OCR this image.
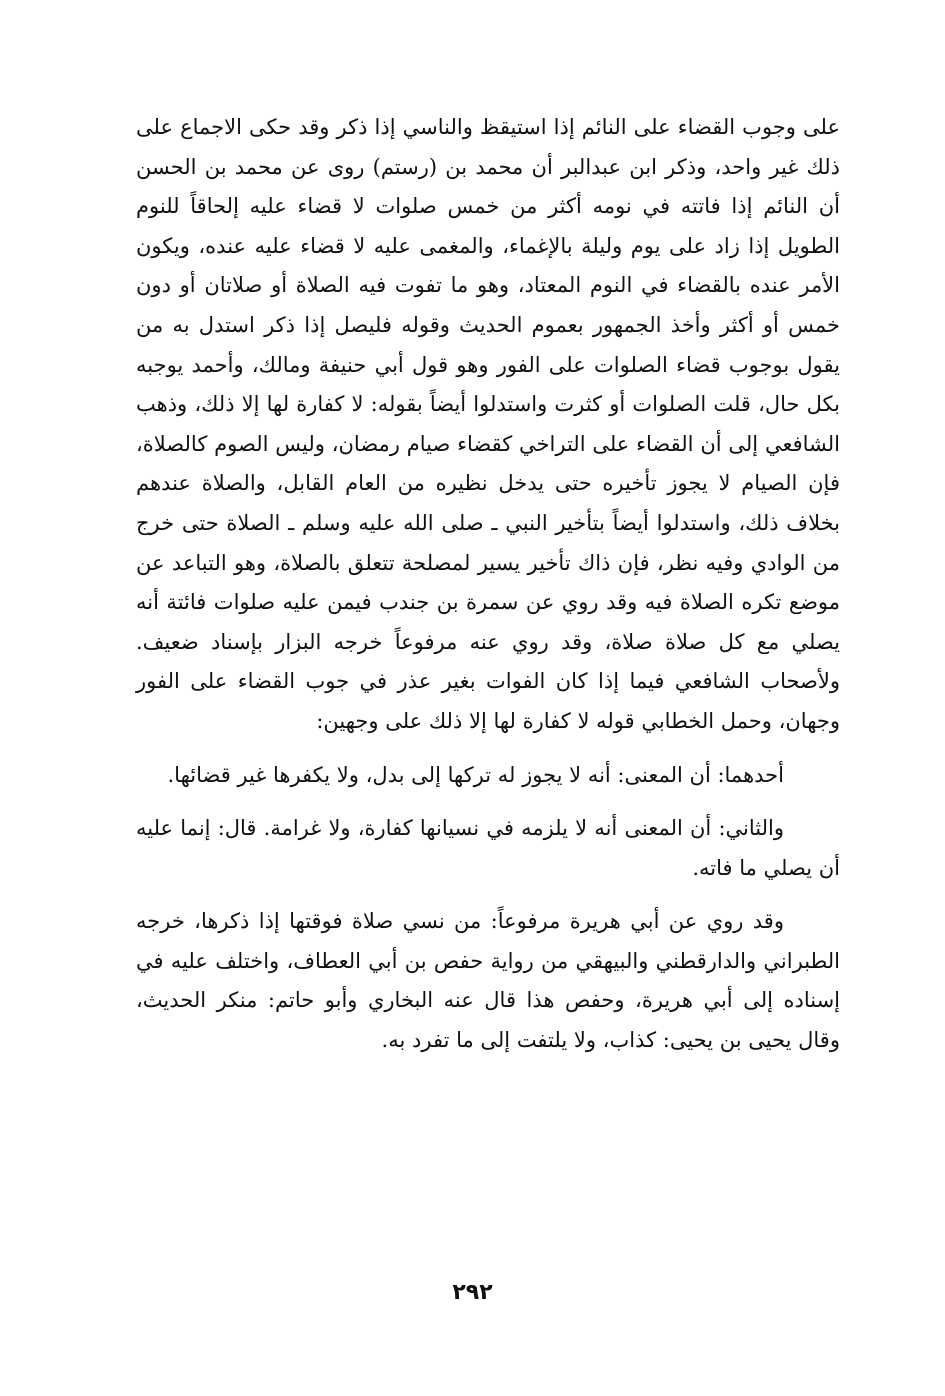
على وجوب القضاء على النائم إذا استيقظ والناسي إذا ذكر وقد حكى الاجماع على ذلك غير واحد، وذكر ابن عبدالبر أن محمد بن (رستم) روى عن محمد بن الحسن أن النائم إذا فاتته في نومه أكثر من خمس صلوات لا قضاء عليه إلحاقاً للنوم الطويل إذا زاد على يوم وليلة بالإغماء، والمغمى عليه لا قضاء عليه عنده، ويكون الأمر عنده بالقضاء في النوم المعتاد، وهو ما تفوت فيه الصلاة أو صلاتان أو دون خمس أو أكثر وأخذ الجمهور بعموم الحديث وقوله فليصل إذا ذكر استدل به من يقول بوجوب قضاء الصلوات على الفور وهو قول أبي حنيفة ومالك، وأحمد يوجبه بكل حال، قلت الصلوات أو كثرت واستدلوا أيضاً بقوله: لا كفارة لها إلا ذلك، وذهب الشافعي إلى أن القضاء على التراخي كقضاء صيام رمضان، وليس الصوم كالصلاة، فإن الصيام لا يجوز تأخيره حتى يدخل نظيره من العام القابل، والصلاة عندهم بخلاف ذلك، واستدلوا أيضاً بتأخير النبي ـ صلى الله عليه وسلم ـ الصلاة حتى خرج من الوادي وفيه نظر، فإن ذاك تأخير يسير لمصلحة تتعلق بالصلاة، وهو التباعد عن موضع تكره الصلاة فيه وقد روي عن سمرة بن جندب فيمن عليه صلوات فائتة أنه يصلي مع كل صلاة صلاة، وقد روي عنه مرفوعاً خرجه البزار بإسناد ضعيف. ولأصحاب الشافعي فيما إذا كان الفوات بغير عذر في جوب القضاء على الفور وجهان، وحمل الخطابي قوله لا كفارة لها إلا ذلك على وجهين:

أحدهما: أن المعنى: أنه لا يجوز له تركها إلى بدل، ولا يكفرها غير قضائها.

والثاني: أن المعنى أنه لا يلزمه في نسيانها كفارة، ولا غرامة. قال: إنما عليه أن يصلي ما فاته.

وقد روي عن أبي هريرة مرفوعاً: من نسي صلاة فوقتها إذا ذكرها، خرجه الطبراني والدارقطني والبيهقي من رواية حفص بن أبي العطاف، واختلف عليه في إسناده إلى أبي هريرة، وحفص هذا قال عنه البخاري وأبو حاتم: منكر الحديث، وقال يحيى بن يحيى: كذاب، ولا يلتفت إلى ما تفرد به.

٢٩٢
